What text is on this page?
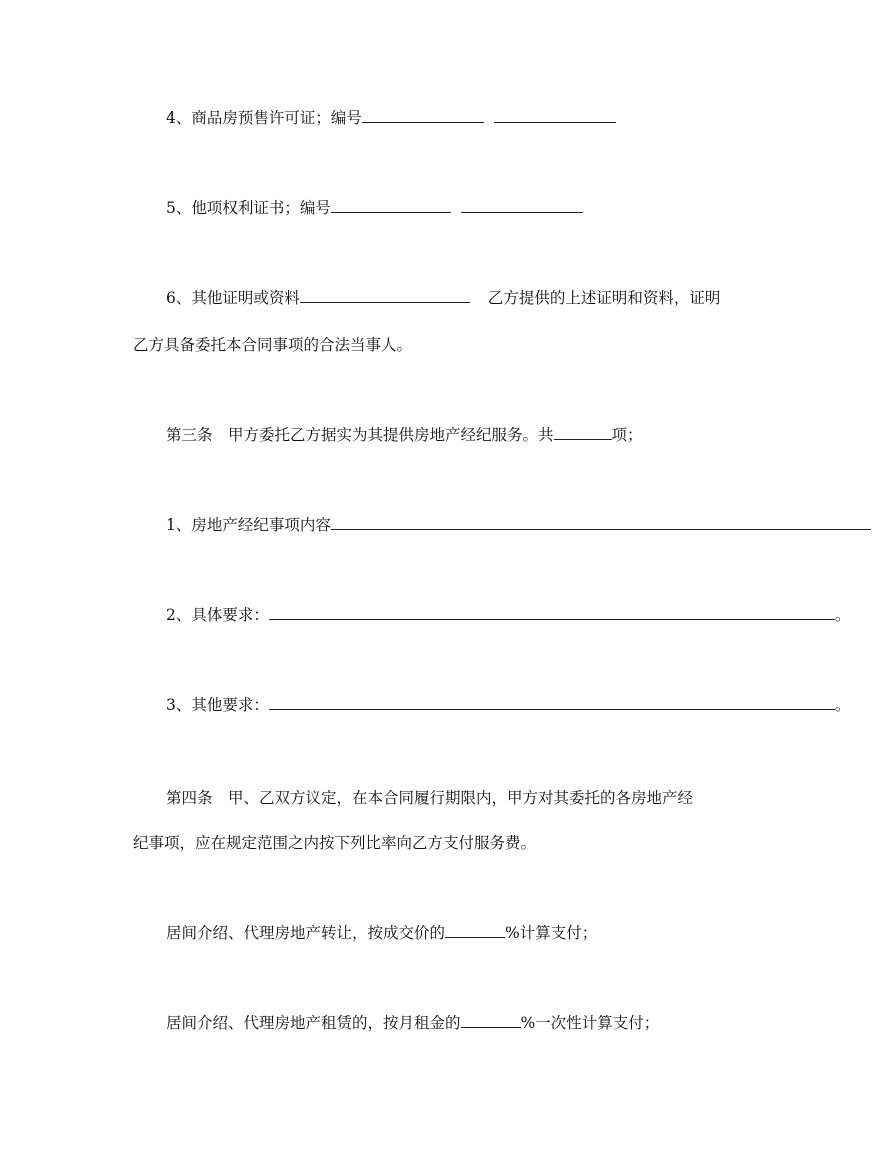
4、商品房预售许可证；编号
5、他项权利证书；编号
6、其他证明或资料	乙方提供的上述证明和资料，证明
乙方具备委托本合同事项的合法当事人。
第三条　甲方委托乙方据实为其提供房地产经纪服务。共	项；
1、房地产经纪事项内容
2、具体要求：	。
3、其他要求：	。
第四条　甲、乙双方议定，在本合同履行期限内，甲方对其委托的各房地产经
纪事项，应在规定范围之内按下列比率向乙方支付服务费。
居间介绍、代理房地产转让，按成交价的	%计算支付；
居间介绍、代理房地产租赁的，按月租金的	%一次性计算支付；
